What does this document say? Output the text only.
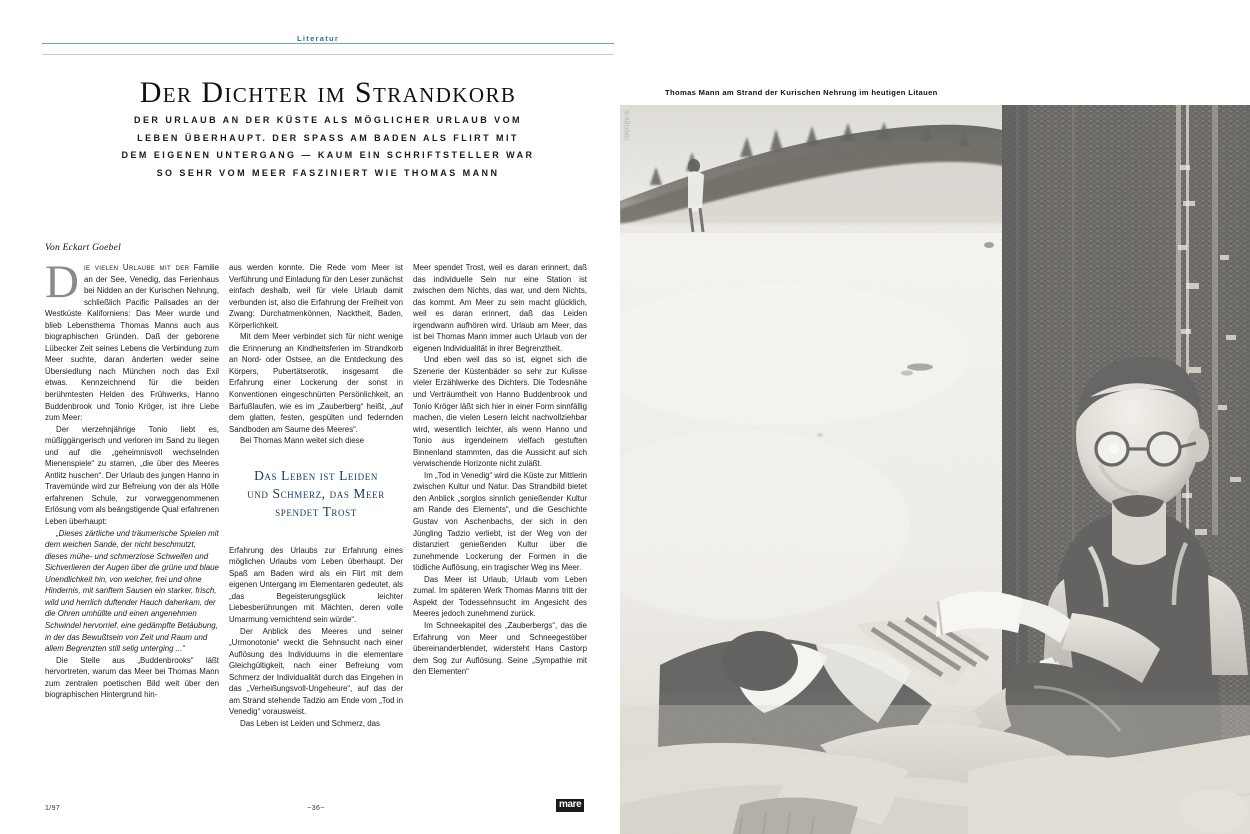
Literatur
Der Dichter im Strandkorb
DER URLAUB AN DER KÜSTE ALS MÖGLICHER URLAUB VOM
LEBEN ÜBERHAUPT. DER SPASS AM BADEN ALS FLIRT MIT
DEM EIGENEN UNTERGANG — KAUM EIN SCHRIFTSTELLER WAR
SO SEHR VOM MEER FASZINIERT WIE THOMAS MANN
Von Eckart Goebel

Die vielen Urlaube mit der Familie an der See, Venedig, das Ferienhaus bei Nidden an der Kurischen Nehrung, schließlich Pacific Palisades an der Westküste Kaliforniens: Das Meer wurde und blieb Lebensthema Thomas Manns auch aus biographischen Gründen. Daß der geborene Lübecker Zeit seines Lebens die Verbindung zum Meer suchte, daran änderten weder seine Übersiedlung nach München noch das Exil etwas. Kennzeichnend für die beiden berühmtesten Helden des Frühwerks, Hanno Buddenbrook und Tonio Kröger, ist ihre Liebe zum Meer:

Der vierzehnjährige Tonio liebt es, müßiggängerisch und verloren im Sand zu liegen und auf die „geheimnisvoll wechselnden Mienenspiele“ zu starren, „die über des Meeres Antlitz huschen“. Der Urlaub des jungen Hanno in Travemünde wird zur Befreiung von der als Hölle erfahrenen Schule, zur vorweggenommenen Erlösung vom als beängstigende Qual erfahrenen Leben überhaupt:

„Dieses zärtliche und träumerische Spielen mit dem weichen Sande, der nicht beschmutzt, dieses mühe- und schmerzlose Schweifen und Sichverlieren der Augen über die grüne und blaue Unendlichkeit hin, von welcher, frei und ohne Hindernis, mit sanftem Sausen ein starker, frisch, wild und herrlich duftender Hauch daherkam, der die Ohren umhüllte und einen angenehmen Schwindel hervorrief, eine gedämpfte Betäubung, in der das Bewußtsein von Zeit und Raum und allem Begrenzten still selig unterging ...“

Die Stelle aus „Buddenbrooks“ läßt hervortreten, warum das Meer bei Thomas Mann zum zentralen poetischen Bild weit über den biographischen Hintergrund hin-

aus werden konnte. Die Rede vom Meer ist Verführung und Einladung für den Leser zunächst einfach deshalb, weil für viele Urlaub damit verbunden ist, also die Erfahrung der Freiheit von Zwang: Durchatmenkönnen, Nacktheit, Baden, Körperlichkeit.

Mit dem Meer verbindet sich für nicht wenige die Erinnerung an Kindheitsferien im Strandkorb an Nord- oder Ostsee, an die Entdeckung des Körpers, Pubertätserotik, insgesamt die Erfahrung einer Lockerung der sonst in Konventionen eingeschnürten Persönlichkeit, an Barfußlaufen, wie es im „Zauberberg“ heißt, „auf dem glatten, festen, gespülten und federnden Sandboden am Saume des Meeres“.

Bei Thomas Mann weitet sich diese

Das Leben ist Leiden
und Schmerz, das Meer
spendet Trost

Erfahrung des Urlaubs zur Erfahrung eines möglichen Urlaubs vom Leben überhaupt. Der Spaß am Baden wird als ein Flirt mit dem eigenen Untergang im Elementaren gedeutet, als „das Begeisterungsglück leichter Liebesberührungen mit Mächten, deren volle Umarmung vernichtend sein würde“.

Der Anblick des Meeres und seiner „Urmonotonie“ weckt die Sehnsucht nach einer Auflösung des Individuums in die elementare Gleichgültigkeit, nach einer Befreiung vom Schmerz der Individualität durch das Eingehen in das „Verheißungsvoll-Ungeheure“, auf das der am Strand stehende Tadzio am Ende vom „Tod in Venedig“ vorausweist.

Das Leben ist Leiden und Schmerz, das

Meer spendet Trost, weil es daran erinnert, daß das individuelle Sein nur eine Station ist zwischen dem Nichts, das war, und dem Nichts, das kommt. Am Meer zu sein macht glücklich, weil es daran erinnert, daß das Leiden irgendwann aufhören wird. Urlaub am Meer, das ist bei Thomas Mann immer auch Urlaub von der eigenen Individualität in ihrer Begrenztheit.

Und eben weil das so ist, eignet sich die Szenerie der Küstenbäder so sehr zur Kulisse vieler Erzählwerke des Dichters. Die Todesnähe und Verträumtheit von Hanno Buddenbrook und Tonio Kröger läßt sich hier in einer Form sinnfällig machen, die vielen Lesern leicht nachvollziehbar wird, wesentlich leichter, als wenn Hanno und Tonio aus irgendeinem vielfach gestuften Binnenland stammten, das die Aussicht auf sich verwischende Horizonte nicht zuläßt.

Im „Tod in Venedig“ wird die Küste zur Mittlerin zwischen Kultur und Natur. Das Strandbild bietet den Anblick „sorglos sinnlich genießender Kultur am Rande des Elements“, und die Geschichte Gustav von Aschenbachs, der sich in den Jüngling Tadzio verliebt, ist der Weg von der distanziert genießenden Kultur über die zunehmende Lockerung der Formen in die tödliche Auflösung, ein tragischer Weg ins Meer.

Das Meer ist Urlaub, Urlaub vom Leben zumal. Im späteren Werk Thomas Manns tritt der Aspekt der Todessehnsucht im Angesicht des Meeres jedoch zunehmend zurück.

Im Schneekapitel des „Zauberbergs“, das die Erfahrung von Meer und Schneegestöber übereinanderblendet, widersteht Hans Castorp dem Sog zur Auflösung. Seine „Sympathie mit den Elementen“

1/97	~36~	mare
Thomas Mann am Strand der Kurischen Nehrung im heutigen Litauen
© Ullstein
